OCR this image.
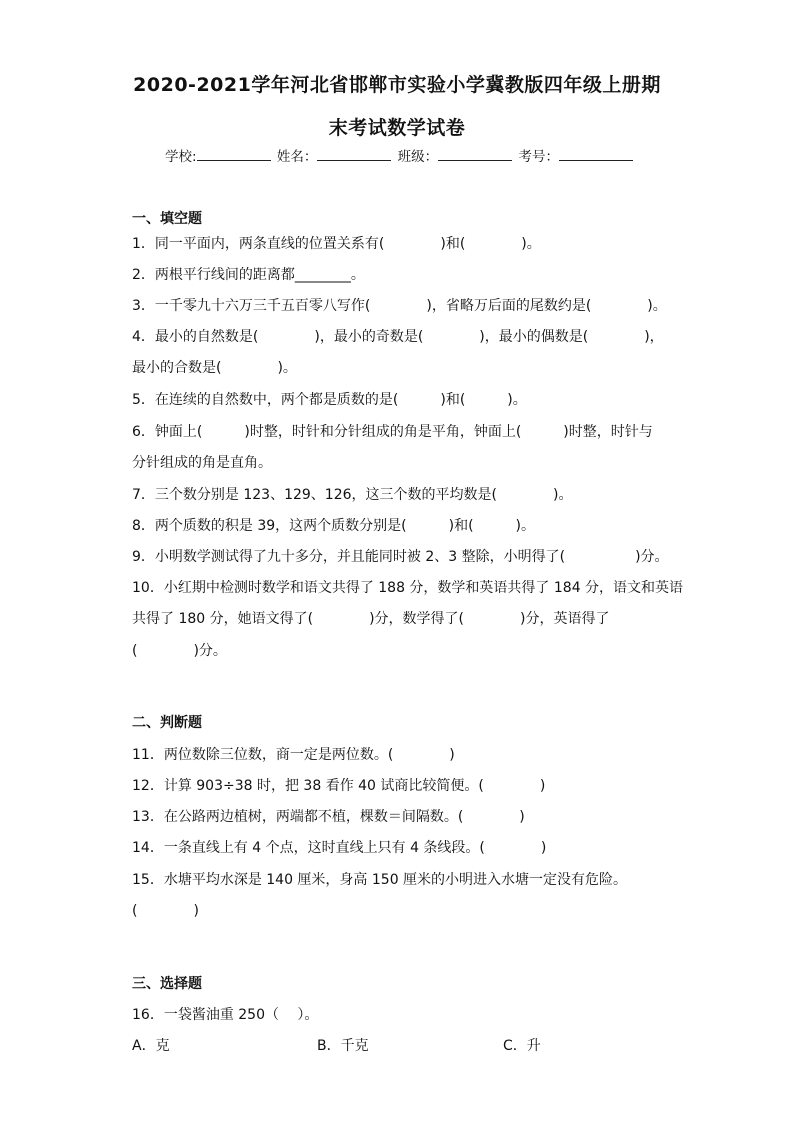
2020-2021学年河北省邯郸市实验小学冀教版四年级上册期
末考试数学试卷
学校:	姓名：	班级：	考号：
一、填空题
1．同一平面内，两条直线的位置关系有(　　　　)和(　　　　)。
2．两根平行线间的距离都________。
3．一千零九十六万三千五百零八写作(　　　　)，省略万后面的尾数约是(　　　　)。
4．最小的自然数是(　　　　)，最小的奇数是(　　　　)，最小的偶数是(　　　　)，
最小的合数是(　　　　)。
5．在连续的自然数中，两个都是质数的是(　　　)和(　　　)。
6．钟面上(　　　)时整，时针和分针组成的角是平角，钟面上(　　　)时整，时针与
分针组成的角是直角。
7．三个数分别是 123、129、126，这三个数的平均数是(　　　　)。
8．两个质数的积是 39，这两个质数分别是(　　　)和(　　　)。
9．小明数学测试得了九十多分，并且能同时被 2、3 整除，小明得了(　　　　　)分。
10．小红期中检测时数学和语文共得了 188 分，数学和英语共得了 184 分，语文和英语
共得了 180 分，她语文得了(　　　　)分，数学得了(　　　　)分，英语得了
(　　　　)分。
二、判断题
11．两位数除三位数，商一定是两位数。(　　　　)
12．计算 903÷38 时，把 38 看作 40 试商比较简便。(　　　　)
13．在公路两边植树，两端都不植，棵数＝间隔数。(　　　　)
14．一条直线上有 4 个点，这时直线上只有 4 条线段。(　　　　)
15．水塘平均水深是 140 厘米，身高 150 厘米的小明进入水塘一定没有危险。
(　　　　)
三、选择题
16．一袋酱油重 250（　 ）。
A．克	B．千克	C．升
